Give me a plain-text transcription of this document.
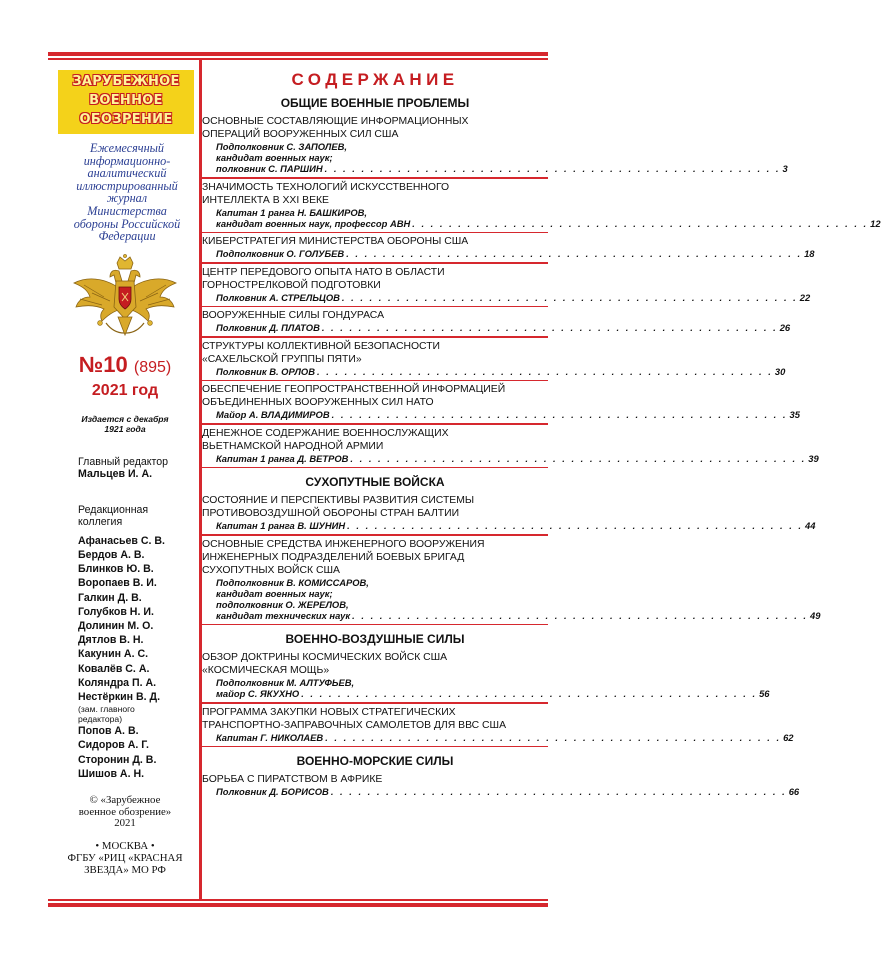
ЗАРУБЕЖНОЕ
ВОЕННОЕ
ОБОЗРЕНИЕ
Ежемесячный
информационно-
аналитический
иллюстрированный
журнал
Министерства
обороны Российской
Федерации
№10 (895)
2021 год
Издается с декабря
1921 года
Главный редактор
Мальцев И. А.
Редакционная коллегия
Афанасьев С. В.
Бердов А. В.
Блинков Ю. В.
Воропаев В. И.
Галкин Д. В.
Голубков Н. И.
Долинин М. О.
Дятлов В. Н.
Какунин А. С.
Ковалёв С. А.
Коляндра П. А.
Нестёркин В. Д.
(зам. главного
редактора)
Попов А. В.
Сидоров А. Г.
Сторонин Д. В.
Шишов А. Н.
© «Зарубежное
военное обозрение»
2021
• МОСКВА •
ФГБУ «РИЦ «КРАСНАЯ
ЗВЕЗДА» МО РФ
СОДЕРЖАНИЕ
ОБЩИЕ ВОЕННЫЕ ПРОБЛЕМЫ
ОСНОВНЫЕ СОСТАВЛЯЮЩИЕ ИНФОРМАЦИОННЫХ
ОПЕРАЦИЙ ВООРУЖЕННЫХ СИЛ США
Подполковник С. ЗАПОЛЕВ,
кандидат военных наук;
полковник С. ПАРШИН . . . . . . . . . . . . . . . . . . . . . . . . . . . . . . . . . . . . . . . . . . . . . . . . . . 3
ЗНАЧИМОСТЬ ТЕХНОЛОГИЙ ИСКУССТВЕННОГО
ИНТЕЛЛЕКТА В XXI ВЕКЕ
Капитан 1 ранга Н. БАШКИРОВ,
кандидат военных наук, профессор АВН . . . . . . . . . . . . . . . . . . . . . . . . . . . . . . . . . . . . . . . . . . . . . . . . . . 12
КИБЕРСТРАТЕГИЯ МИНИСТЕРСТВА ОБОРОНЫ США
Подполковник О. ГОЛУБЕВ . . . . . . . . . . . . . . . . . . . . . . . . . . . . . . . . . . . . . . . . . . . . . . . . . . 18
ЦЕНТР ПЕРЕДОВОГО ОПЫТА НАТО В ОБЛАСТИ
ГОРНОСТРЕЛКОВОЙ ПОДГОТОВКИ
Полковник А. СТРЕЛЬЦОВ . . . . . . . . . . . . . . . . . . . . . . . . . . . . . . . . . . . . . . . . . . . . . . . . . . 22
ВООРУЖЕННЫЕ СИЛЫ ГОНДУРАСА
Полковник Д. ПЛАТОВ . . . . . . . . . . . . . . . . . . . . . . . . . . . . . . . . . . . . . . . . . . . . . . . . . . 26
СТРУКТУРЫ КОЛЛЕКТИВНОЙ БЕЗОПАСНОСТИ
«САХЕЛЬСКОЙ ГРУППЫ ПЯТИ»
Полковник В. ОРЛОВ . . . . . . . . . . . . . . . . . . . . . . . . . . . . . . . . . . . . . . . . . . . . . . . . . . 30
ОБЕСПЕЧЕНИЕ ГЕОПРОСТРАНСТВЕННОЙ ИНФОРМАЦИЕЙ
ОБЪЕДИНЕННЫХ ВООРУЖЕННЫХ СИЛ НАТО
Майор А. ВЛАДИМИРОВ . . . . . . . . . . . . . . . . . . . . . . . . . . . . . . . . . . . . . . . . . . . . . . . . . . 35
ДЕНЕЖНОЕ СОДЕРЖАНИЕ ВОЕННОСЛУЖАЩИХ
ВЬЕТНАМСКОЙ НАРОДНОЙ АРМИИ
Капитан 1 ранга Д. ВЕТРОВ . . . . . . . . . . . . . . . . . . . . . . . . . . . . . . . . . . . . . . . . . . . . . . . . . . 39
СУХОПУТНЫЕ ВОЙСКА
СОСТОЯНИЕ И ПЕРСПЕКТИВЫ РАЗВИТИЯ СИСТЕМЫ
ПРОТИВОВОЗДУШНОЙ ОБОРОНЫ СТРАН БАЛТИИ
Капитан 1 ранга В. ШУНИН . . . . . . . . . . . . . . . . . . . . . . . . . . . . . . . . . . . . . . . . . . . . . . . . . . 44
ОСНОВНЫЕ СРЕДСТВА ИНЖЕНЕРНОГО ВООРУЖЕНИЯ
ИНЖЕНЕРНЫХ ПОДРАЗДЕЛЕНИЙ БОЕВЫХ БРИГАД
СУХОПУТНЫХ ВОЙСК США
Подполковник В. КОМИССАРОВ,
кандидат военных наук;
подполковник О. ЖЕРЕЛОВ,
кандидат технических наук . . . . . . . . . . . . . . . . . . . . . . . . . . . . . . . . . . . . . . . . . . . . . . . . . . 49
ВОЕННО-ВОЗДУШНЫЕ СИЛЫ
ОБЗОР ДОКТРИНЫ КОСМИЧЕСКИХ ВОЙСК США
«КОСМИЧЕСКАЯ МОЩЬ»
Подполковник М. АЛТУФЬЕВ,
майор С. ЯКУХНО . . . . . . . . . . . . . . . . . . . . . . . . . . . . . . . . . . . . . . . . . . . . . . . . . . 56
ПРОГРАММА ЗАКУПКИ НОВЫХ СТРАТЕГИЧЕСКИХ
ТРАНСПОРТНО-ЗАПРАВОЧНЫХ САМОЛЕТОВ ДЛЯ ВВС США
Капитан Г. НИКОЛАЕВ . . . . . . . . . . . . . . . . . . . . . . . . . . . . . . . . . . . . . . . . . . . . . . . . . . 62
ВОЕННО-МОРСКИЕ СИЛЫ
БОРЬБА С ПИРАТСТВОМ В АФРИКЕ
Полковник Д. БОРИСОВ . . . . . . . . . . . . . . . . . . . . . . . . . . . . . . . . . . . . . . . . . . . . . . . . . . 66
